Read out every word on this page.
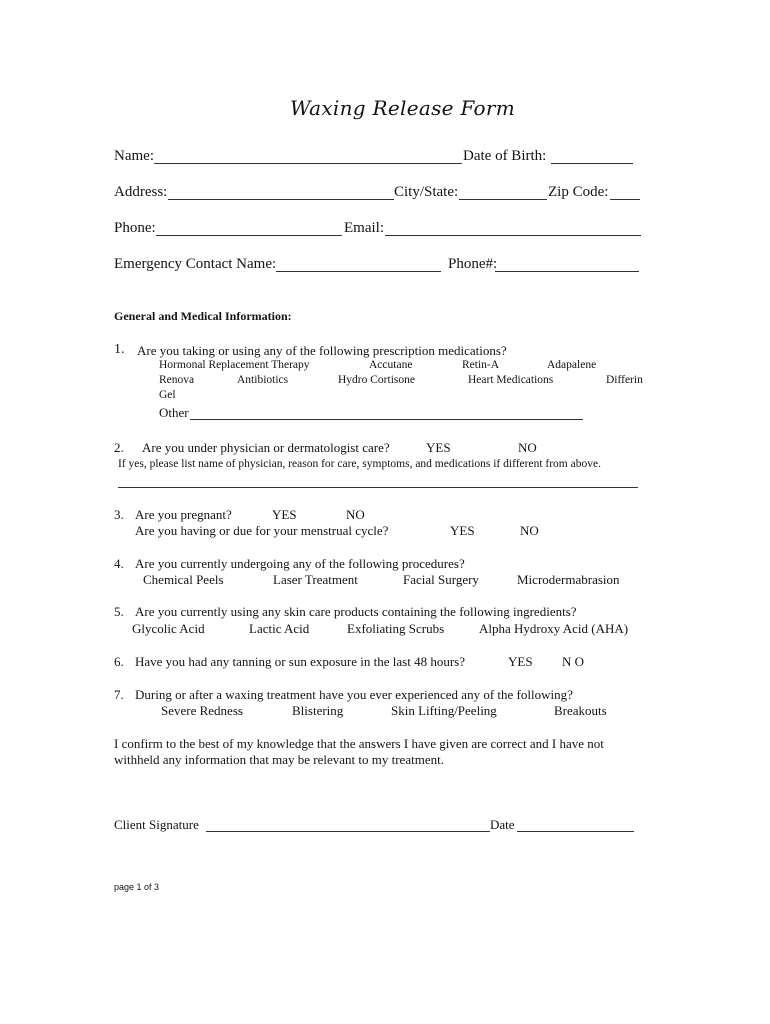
Waxing Release Form
Name:	Date of Birth:
Address:	City/State:	Zip Code:
Phone:	Email:
Emergency Contact Name:	Phone#:
General and Medical Information:
1. Are you taking or using any of the following prescription medications?
Hormonal Replacement Therapy	Accutane	Retin-A	Adapalene
Renova	Antibiotics	Hydro Cortisone	Heart Medications	Differin
Gel
Other
2. Are you under physician or dermatologist care?	YES	NO
If yes, please list name of physician, reason for care, symptoms, and medications if different from above.
3. Are you pregnant?	YES	NO
Are you having or due for your menstrual cycle?	YES	NO
4. Are you currently undergoing any of the following procedures?
Chemical Peels	Laser Treatment	Facial Surgery	Microdermabrasion
5. Are you currently using any skin care products containing the following ingredients?
Glycolic Acid	Lactic Acid	Exfoliating Scrubs	Alpha Hydroxy Acid (AHA)
6. Have you had any tanning or sun exposure in the last 48 hours?	YES N O
7. During or after a waxing treatment have you ever experienced any of the following?
Severe Redness	Blistering	Skin Lifting/Peeling	Breakouts
I confirm to the best of my knowledge that the answers I have given are correct and I have not
withheld any information that may be relevant to my treatment.
Client Signature	Date
page 1 of 3
